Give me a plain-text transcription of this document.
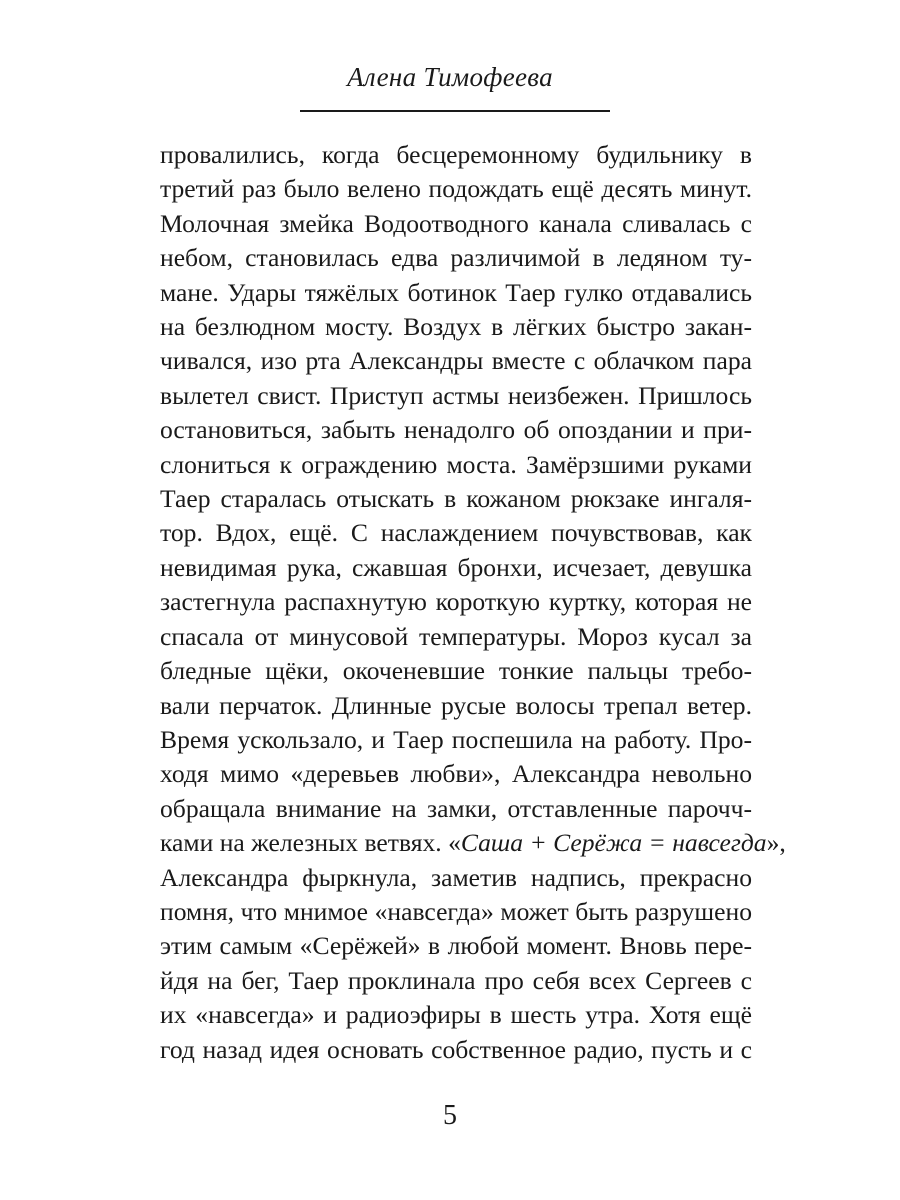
Алена Тимофеева
провалились, когда бесцеремонному будильнику в
третий раз было велено подождать ещё десять минут.
Молочная змейка Водоотводного канала сливалась с
небом, становилась едва различимой в ледяном ту-
мане. Удары тяжёлых ботинок Таер гулко отдавались
на безлюдном мосту. Воздух в лёгких быстро закан-
чивался, изо рта Александры вместе с облачком пара
вылетел свист. Приступ астмы неизбежен. Пришлось
остановиться, забыть ненадолго об опоздании и при-
слониться к ограждению моста. Замёрзшими руками
Таер старалась отыскать в кожаном рюкзаке ингаля-
тор. Вдох, ещё. С наслаждением почувствовав, как
невидимая рука, сжавшая бронхи, исчезает, девушка
застегнула распахнутую короткую куртку, которая не
спасала от минусовой температуры. Мороз кусал за
бледные щёки, окоченевшие тонкие пальцы требо-
вали перчаток. Длинные русые волосы трепал ветер.
Время ускользало, и Таер поспешила на работу. Про-
ходя мимо «деревьев любви», Александра невольно
обращала внимание на замки, отставленные парочч-
ками на железных ветвях. «Саша + Серёжа = навсегда»,
Александра фыркнула, заметив надпись, прекрасно
помня, что мнимое «навсегда» может быть разрушено
этим самым «Серёжей» в любой момент. Вновь пере-
йдя на бег, Таер проклинала про себя всех Сергеев с
их «навсегда» и радиоэфиры в шесть утра. Хотя ещё
год назад идея основать собственное радио, пусть и с
5
